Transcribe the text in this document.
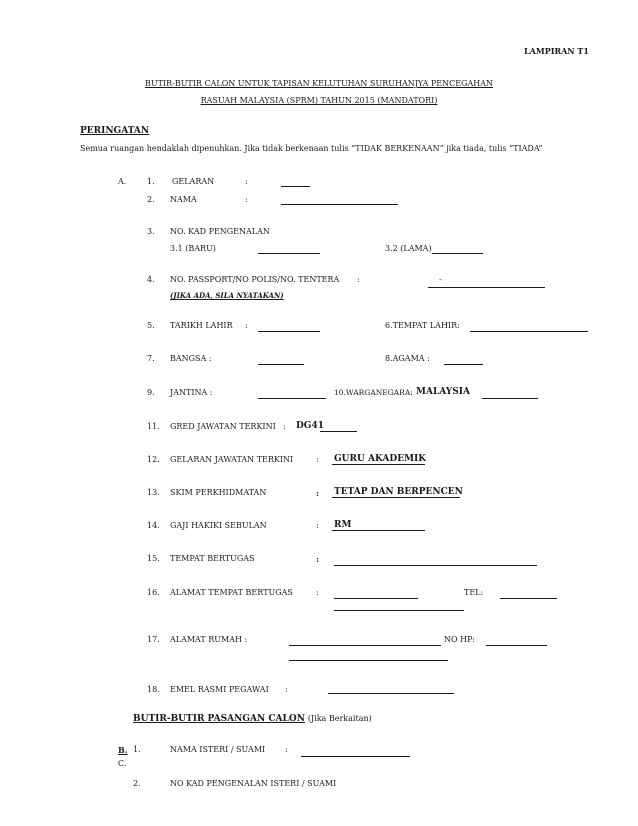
LAMPIRAN T1
BUTIR-BUTIR CALON UNTUK TAPISAN KELUTUHAN SURUHANJYA PENCEGAHAN
RASUAH MALAYSIA (SPRM) TAHUN 2015 (MANDATORI)
PERINGATAN
Semua ruangan hendaklah dipenuhkan. Jika tidak berkenaan tulis “TIDAK BERKENAAN” jika tiada, tulis “TIADA”
A.	1. GELARAN	:
2. NAMA	:
3. NO. KAD PENGENALAN
3.1 (BARU)	3.2 (LAMA)
4. NO. PASSPORT/NO POLIS/NO. TENTERA :	-
(JIKA ADA, SILA NYATAKAN)
5. TARIKH LAHIR :	6.TEMPAT LAHIR:
7. BANGSA :	8.AGAMA :
9. JANTINA :	10.WARGANEGARA: MALAYSIA
11. GRED JAWATAN TERKINI : DG41
12. GELARAN JAWATAN TERKINI	: GURU AKADEMIK
13. SKIM PERKHIDMATAN	: TETAP DAN BERPENCEN
14. GAJI HAKIKI SEBULAN	: RM
15. TEMPAT BERTUGAS	:
16. ALAMAT TEMPAT BERTUGAS	:	TEL:
17. ALAMAT RUMAH :	NO HP:
18. EMEL RASMI PEGAWAI :
BUTIR-BUTIR PASANGAN CALON (Jika Berkaitan)
B.
C.
1.	NAMA ISTERI / SUAMI :
2.	NO KAD PENGENALAN ISTERI / SUAMI
